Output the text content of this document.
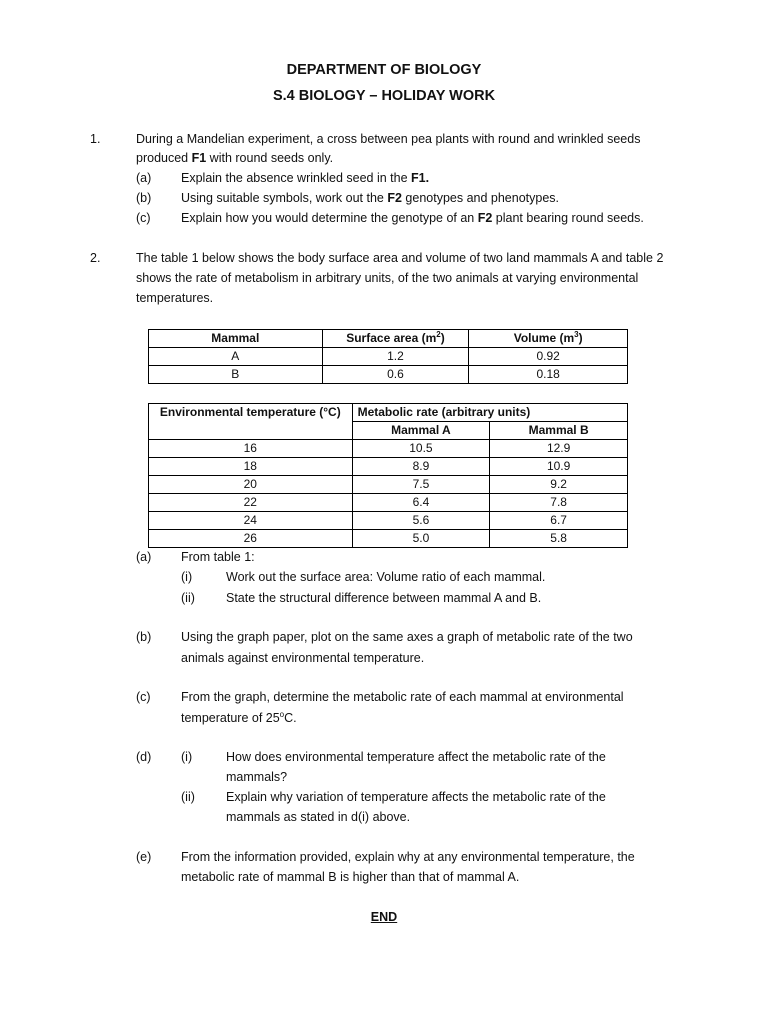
DEPARTMENT OF BIOLOGY
S.4 BIOLOGY – HOLIDAY WORK
1.	During a Mandelian experiment, a cross between pea plants with round and wrinkled seeds
produced F1 with round seeds only.
(a) Explain the absence wrinkled seed in the F1.
(b) Using suitable symbols, work out the F2 genotypes and phenotypes.
(c) Explain how you would determine the genotype of an F2 plant bearing round seeds.
2.	The table 1 below shows the body surface area and volume of two land mammals A and table 2
shows the rate of metabolism in arbitrary units, of the two animals at varying environmental
temperatures.
Mammal	Surface area $(m^2)$	Volume $(m^3)$
A	1.2	0.92
B	0.6	0.18
Environmental temperature (°C)	Metabolic rate (arbitrary units)	
	Mammal A	Mammal B
16	10.5	12.9
18	8.9	10.9
20	7.5	9.2
22	6.4	7.8
24	5.6	6.7
26	5.0	5.8
(a) From table 1:
(i)	Work out the surface area: Volume ratio of each mammal.
(ii) State the structural difference between mammal A and B.
(b) Using the graph paper, plot on the same axes a graph of metabolic rate of the two
animals against environmental temperature.
(c) From the graph, determine the metabolic rate of each mammal at environmental
temperature of 25$^o$C.
(d) (i)	How does environmental temperature affect the metabolic rate of the
mammals?
(ii) Explain why variation of temperature affects the metabolic rate of the
mammals as stated in d(i) above.
(e) From the information provided, explain why at any environmental temperature, the
metabolic rate of mammal B is higher than that of mammal A.
END
